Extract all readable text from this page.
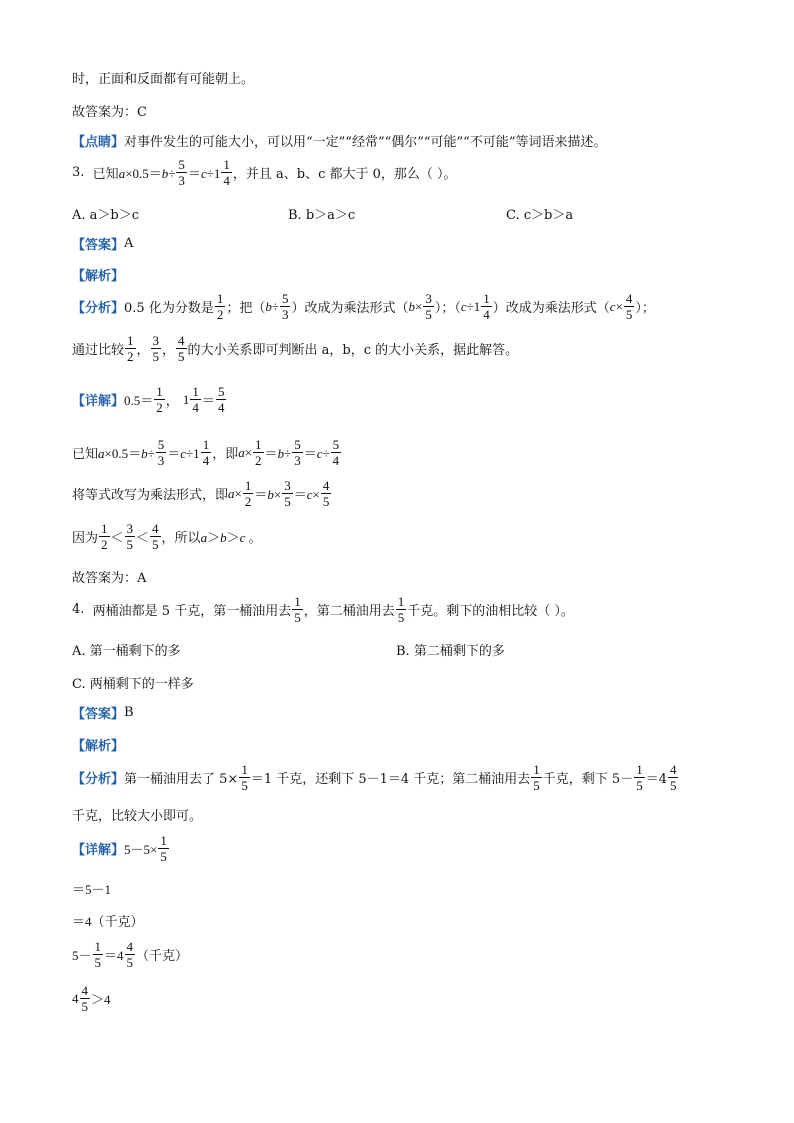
时，正面和反面都有可能朝上。
故答案为：C
【点睛】 对事件发生的可能大小，可以用“一定”“经常”“偶尔”“可能”“不可能”等词语来描述。
3.
已知 $a\times 0.5=b\div \frac{5}{3} =c\div 1 \frac{1}{4}$ ，并且 a、b、c 都大于 0，那么（ ）。
A. a＞b＞c	B. b＞a＞c	C. c＞b＞a
【答案】 A
【解析】
【分析】 0.5 化为分数是 $\frac{1}{2}$ ；把（ $b \div \frac{5}{3}$ ）改成为乘法形式（ $b \times \frac{3}{5}$ ）；（ $c\div 1 \frac{1}{4}$ ）改成为乘法形式（ $c \times \frac{4}{5}$ ）；
通过比较 $\frac{1}{2}$ ， $\frac{3}{5}$ ， $\frac{4}{5}$ 的大小关系即可判断出 a，b，c 的大小关系，据此解答。
【详解】 $0.5= \frac{1}{2}$ ， $1 \frac{1}{4} = \frac{5}{4}$
已知 $a\times 0.5=b\div \frac{5}{3} =c\div 1 \frac{1}{4}$ ，即 $a\times \frac{1}{2} =b\div \frac{5}{3} =c\div \frac{5}{4}$
将等式改写为乘法形式，即 $a\times \frac{1}{2} =b\times \frac{3}{5} =c\times \frac{4}{5}$
因为 $\frac{1}{2} < \frac{3}{5} < \frac{4}{5}$ ，所以 a＞b＞c 。
故答案为：A
4.
两桶油都是 5 千克，第一桶油用去 $\frac{1}{5}$ ，第二桶油用去 $\frac{1}{5}$ 千克。剩下的油相比较（ ）。
A. 第一桶剩下的多	B. 第二桶剩下的多
C. 两桶剩下的一样多
【答案】 B
【解析】
【分析】 第一桶油用去了 $5\times \frac{1}{5} =1$ 千克，还剩下 5－1＝4 千克；第二桶油用去 $\frac{1}{5}$ 千克，剩下 $5- \frac{1}{5} =4 \frac{4}{5}$
千克，比较大小即可。
【详解】 $5-5\times \frac{1}{5}$
＝5－1
＝4（千克）
$5- \frac{1}{5} =4 \frac{4}{5}$ （千克）
$4 \frac{4}{5} >4$
